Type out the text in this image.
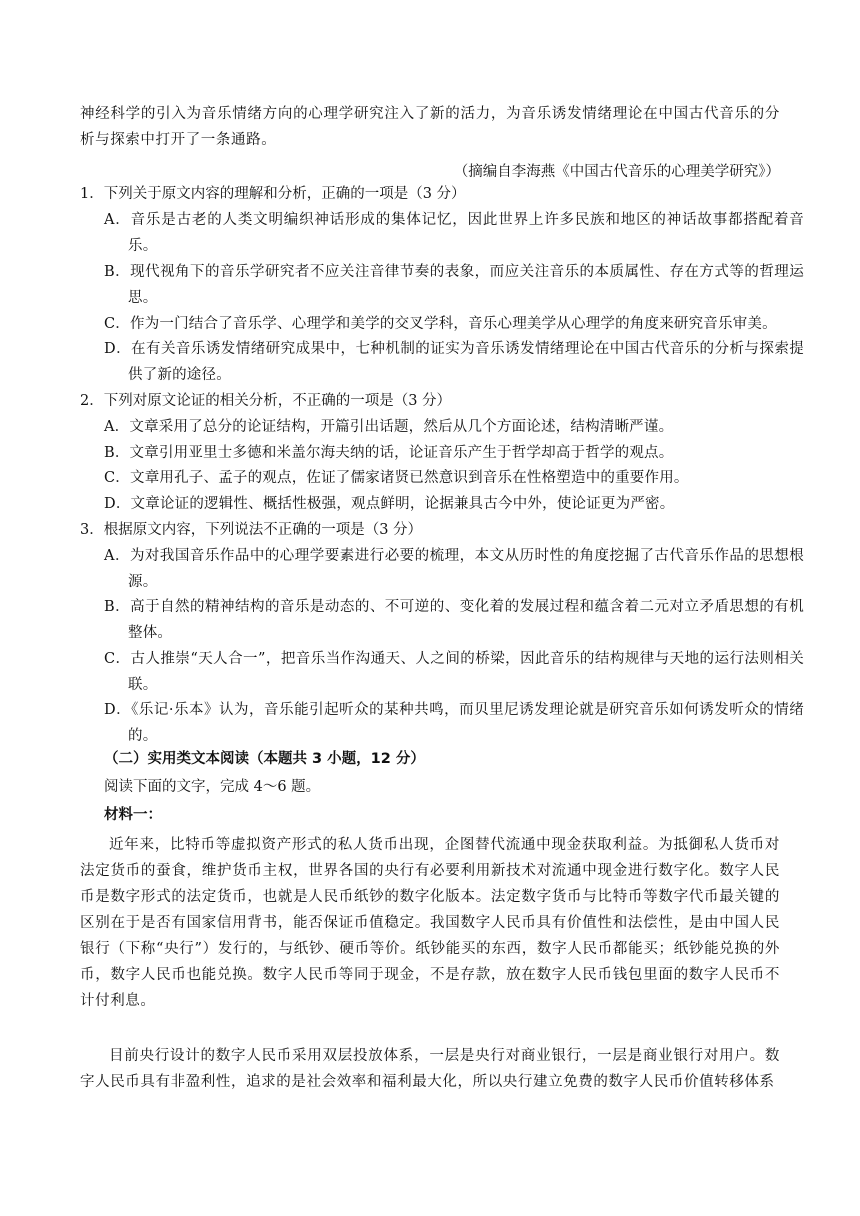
神经科学的引入为音乐情绪方向的心理学研究注入了新的活力，为音乐诱发情绪理论在中国古代音乐的分析与探索中打开了一条通路。
（摘编自李海燕《中国古代音乐的心理美学研究》）
1．下列关于原文内容的理解和分析，正确的一项是（3 分）
A．音乐是古老的人类文明编织神话形成的集体记忆，因此世界上许多民族和地区的神话故事都搭配着音乐。
B．现代视角下的音乐学研究者不应关注音律节奏的表象，而应关注音乐的本质属性、存在方式等的哲理运思。
C．作为一门结合了音乐学、心理学和美学的交叉学科，音乐心理美学从心理学的角度来研究音乐审美。
D．在有关音乐诱发情绪研究成果中，七种机制的证实为音乐诱发情绪理论在中国古代音乐的分析与探索提供了新的途径。
2．下列对原文论证的相关分析，不正确的一项是（3 分）
A．文章采用了总分的论证结构，开篇引出话题，然后从几个方面论述，结构清晰严谨。
B．文章引用亚里士多德和米盖尔海夫纳的话，论证音乐产生于哲学却高于哲学的观点。
C．文章用孔子、孟子的观点，佐证了儒家诸贤已然意识到音乐在性格塑造中的重要作用。
D．文章论证的逻辑性、概括性极强，观点鲜明，论据兼具古今中外，使论证更为严密。
3．根据原文内容，下列说法不正确的一项是（3 分）
A．为对我国音乐作品中的心理学要素进行必要的梳理，本文从历时性的角度挖掘了古代音乐作品的思想根源。
B．高于自然的精神结构的音乐是动态的、不可逆的、变化着的发展过程和蕴含着二元对立矛盾思想的有机整体。
C．古人推崇“天人合一”，把音乐当作沟通天、人之间的桥梁，因此音乐的结构规律与天地的运行法则相关联。
D．《乐记·乐本》认为，音乐能引起听众的某种共鸣，而贝里尼诱发理论就是研究音乐如何诱发听众的情绪的。
（二）实用类文本阅读（本题共 3 小题，12 分）
阅读下面的文字，完成 4～6 题。
材料一：
近年来，比特币等虚拟资产形式的私人货币出现，企图替代流通中现金获取利益。为抵御私人货币对法定货币的蚕食，维护货币主权，世界各国的央行有必要利用新技术对流通中现金进行数字化。数字人民币是数字形式的法定货币，也就是人民币纸钞的数字化版本。法定数字货币与比特币等数字代币最关键的区别在于是否有国家信用背书，能否保证币值稳定。我国数字人民币具有价值性和法偿性，是由中国人民银行（下称“央行”）发行的，与纸钞、硬币等价。纸钞能买的东西，数字人民币都能买；纸钞能兑换的外币，数字人民币也能兑换。数字人民币等同于现金，不是存款，放在数字人民币钱包里面的数字人民币不计付利息。
目前央行设计的数字人民币采用双层投放体系，一层是央行对商业银行，一层是商业银行对用户。数字人民币具有非盈利性，追求的是社会效率和福利最大化，所以央行建立免费的数字人民币价值转移体系
